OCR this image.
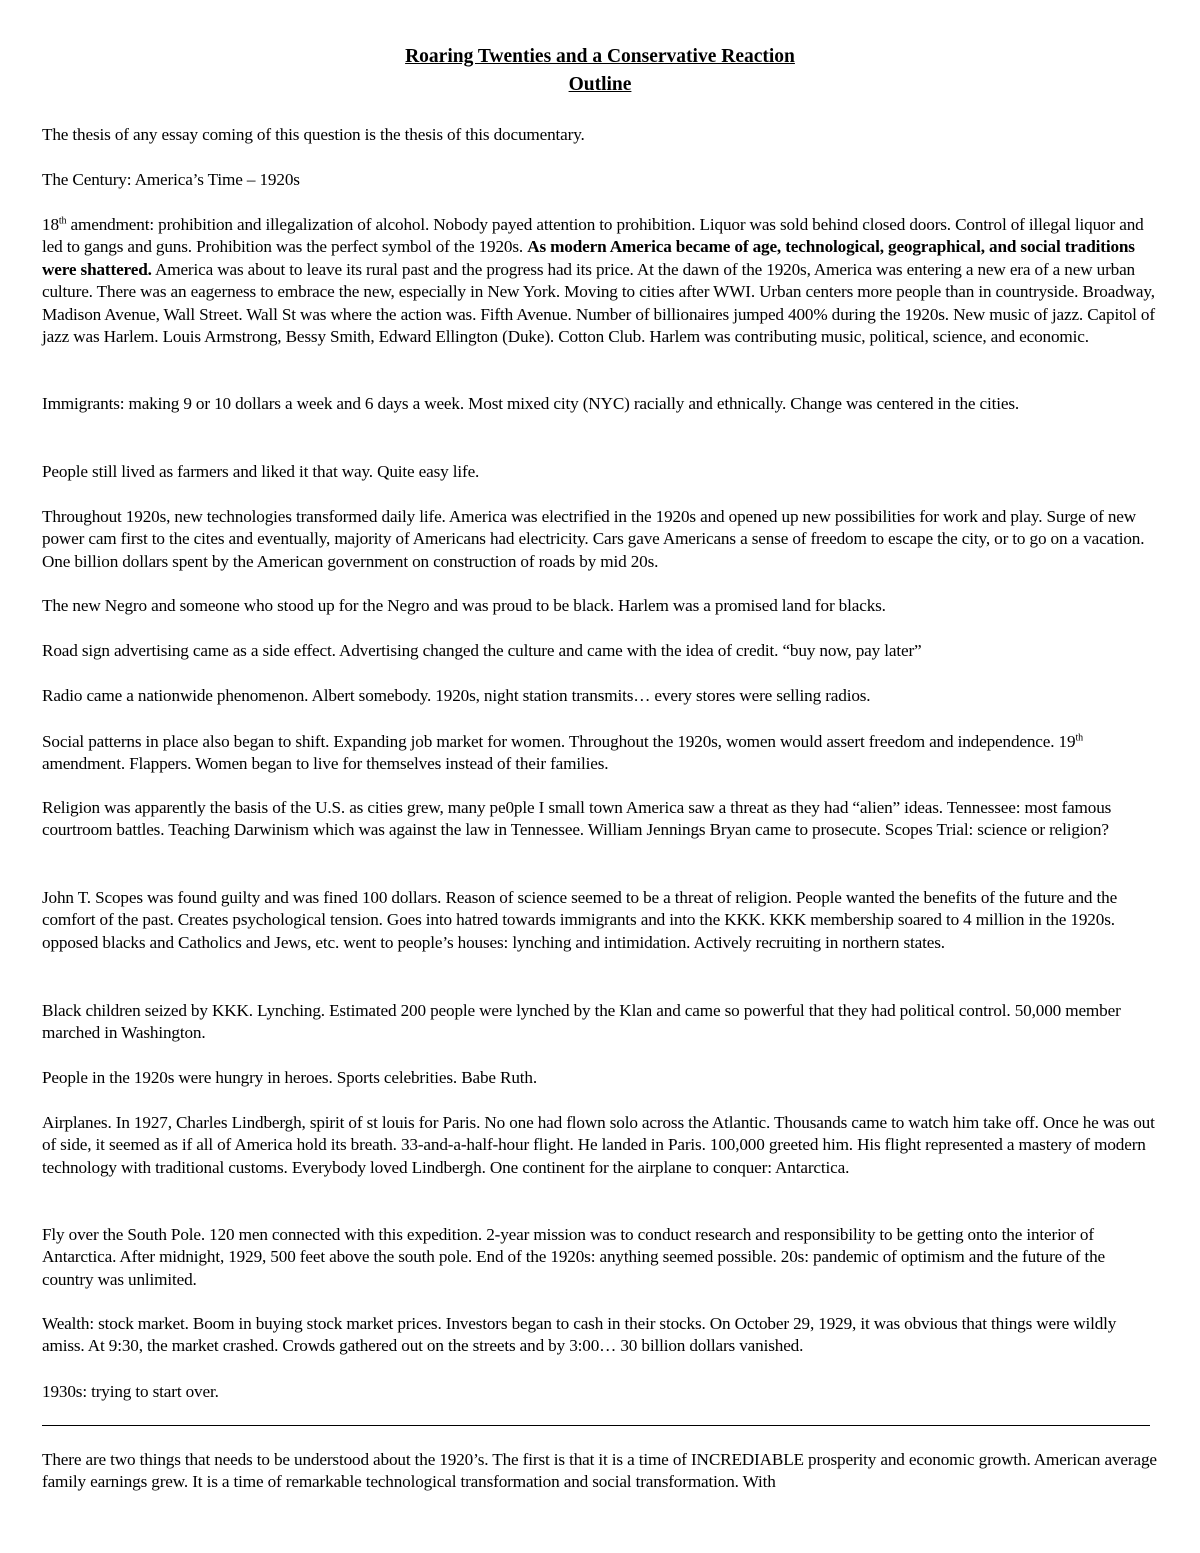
Roaring Twenties and a Conservative Reaction
Outline

The thesis of any essay coming of this question is the thesis of this documentary.

The Century: America’s Time – 1920s

18th amendment: prohibition and illegalization of alcohol. Nobody payed attention to prohibition. Liquor was sold behind closed doors. Control of illegal liquor and led to gangs and guns. Prohibition was the perfect symbol of the 1920s. As modern America became of age, technological, geographical, and social traditions were shattered. America was about to leave its rural past and the progress had its price. At the dawn of the 1920s, America was entering a new era of a new urban culture. There was an eagerness to embrace the new, especially in New York. Moving to cities after WWI. Urban centers more people than in countryside. Broadway, Madison Avenue, Wall Street. Wall St was where the action was. Fifth Avenue. Number of billionaires jumped 400% during the 1920s. New music of jazz. Capitol of jazz was Harlem. Louis Armstrong, Bessy Smith, Edward Ellington (Duke). Cotton Club. Harlem was contributing music, political, science, and economic.

Immigrants: making 9 or 10 dollars a week and 6 days a week. Most mixed city (NYC) racially and ethnically. Change was centered in the cities.

People still lived as farmers and liked it that way. Quite easy life.

Throughout 1920s, new technologies transformed daily life. America was electrified in the 1920s and opened up new possibilities for work and play. Surge of new power cam first to the cites and eventually, majority of Americans had electricity. Cars gave Americans a sense of freedom to escape the city, or to go on a vacation. One billion dollars spent by the American government on construction of roads by mid 20s.

The new Negro and someone who stood up for the Negro and was proud to be black. Harlem was a promised land for blacks.

Road sign advertising came as a side effect. Advertising changed the culture and came with the idea of credit. “buy now, pay later”

Radio came a nationwide phenomenon. Albert somebody. 1920s, night station transmits… every stores were selling radios.

Social patterns in place also began to shift. Expanding job market for women. Throughout the 1920s, women would assert freedom and independence. 19th amendment. Flappers. Women began to live for themselves instead of their families.

Religion was apparently the basis of the U.S. as cities grew, many pe0ple I small town America saw a threat as they had “alien” ideas. Tennessee: most famous courtroom battles. Teaching Darwinism which was against the law in Tennessee. William Jennings Bryan came to prosecute. Scopes Trial: science or religion?

John T. Scopes was found guilty and was fined 100 dollars. Reason of science seemed to be a threat of religion. People wanted the benefits of the future and the comfort of the past. Creates psychological tension. Goes into hatred towards immigrants and into the KKK. KKK membership soared to 4 million in the 1920s. opposed blacks and Catholics and Jews, etc. went to people’s houses: lynching and intimidation. Actively recruiting in northern states.

Black children seized by KKK. Lynching. Estimated 200 people were lynched by the Klan and came so powerful that they had political control. 50,000 member marched in Washington.

People in the 1920s were hungry in heroes. Sports celebrities. Babe Ruth.

Airplanes. In 1927, Charles Lindbergh, spirit of st louis for Paris. No one had flown solo across the Atlantic. Thousands came to watch him take off. Once he was out of side, it seemed as if all of America hold its breath. 33-and-a-half-hour flight. He landed in Paris. 100,000 greeted him. His flight represented a mastery of modern technology with traditional customs. Everybody loved Lindbergh. One continent for the airplane to conquer: Antarctica.

Fly over the South Pole. 120 men connected with this expedition. 2-year mission was to conduct research and responsibility to be getting onto the interior of Antarctica. After midnight, 1929, 500 feet above the south pole. End of the 1920s: anything seemed possible. 20s: pandemic of optimism and the future of the country was unlimited.

Wealth: stock market. Boom in buying stock market prices. Investors began to cash in their stocks. On October 29, 1929, it was obvious that things were wildly amiss. At 9:30, the market crashed. Crowds gathered out on the streets and by 3:00… 30 billion dollars vanished.

1930s: trying to start over.

There are two things that needs to be understood about the 1920’s. The first is that it is a time of INCREDIABLE prosperity and economic growth. American average family earnings grew. It is a time of remarkable technological transformation and social transformation. With
